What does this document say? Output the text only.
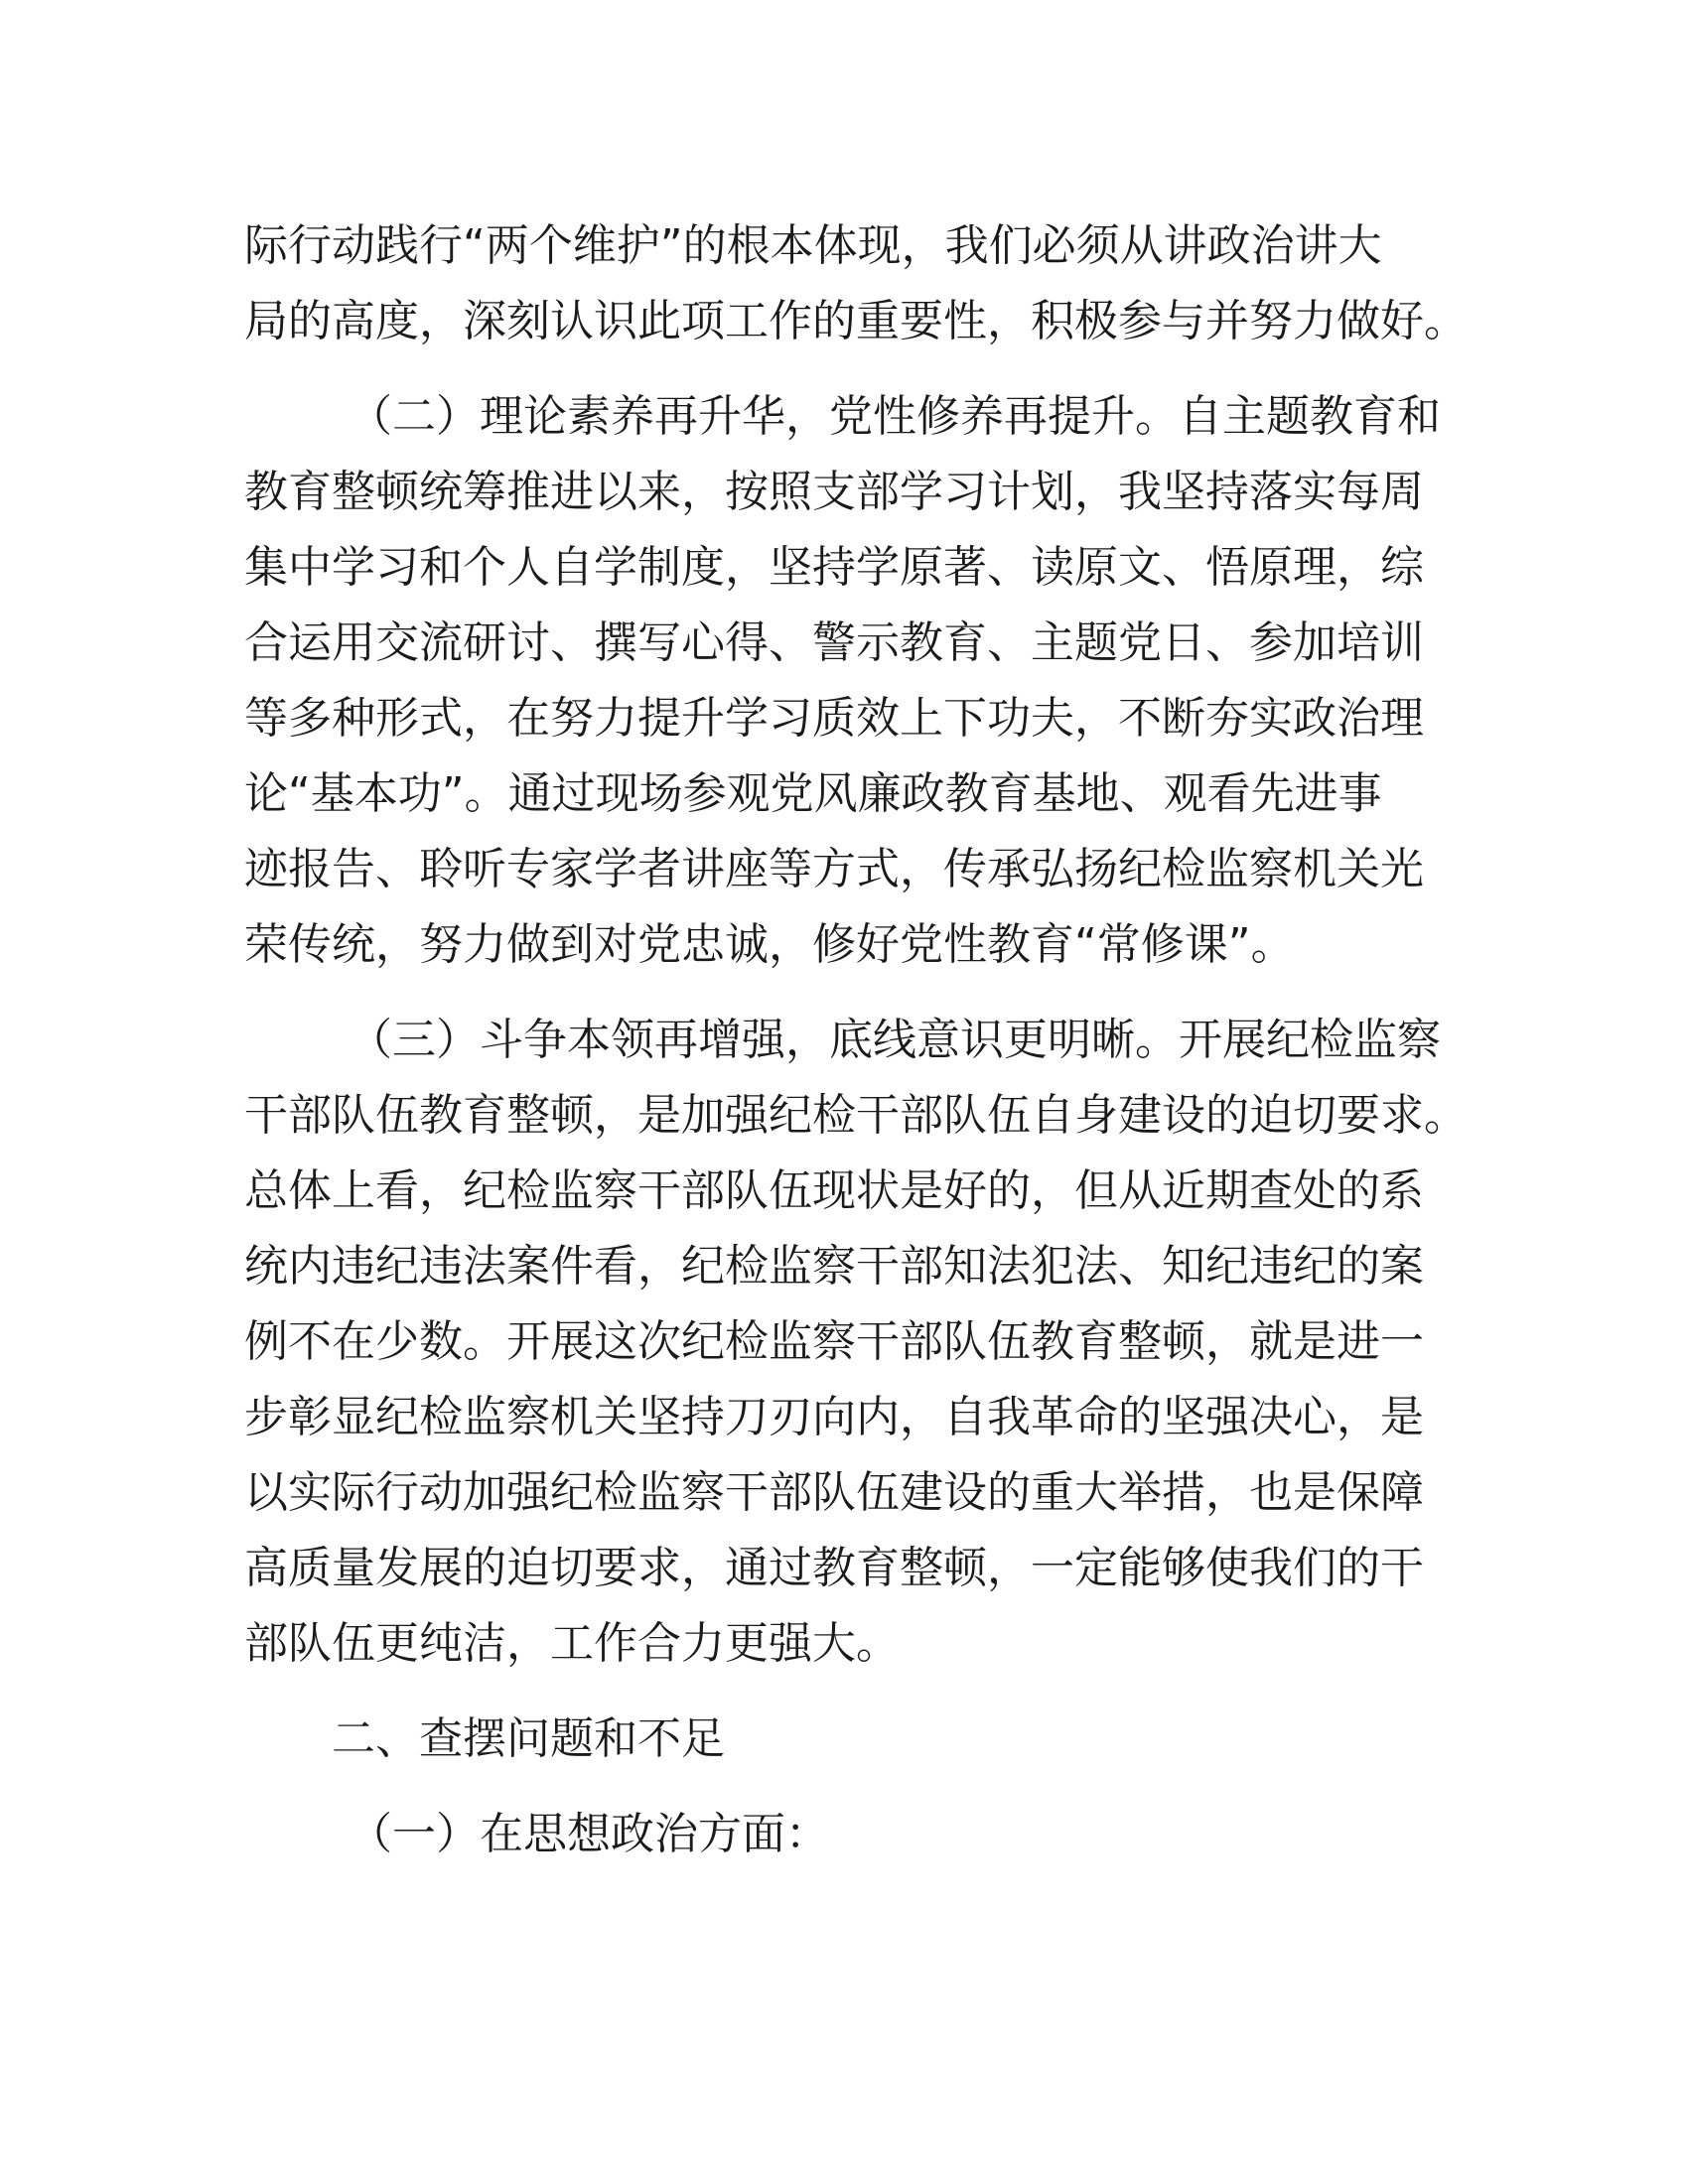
际行动践行“两个维护”的根本体现，我们必须从讲政治讲大
局的高度，深刻认识此项工作的重要性，积极参与并努力做好。
（二）理论素养再升华，党性修养再提升。自主题教育和
教育整顿统筹推进以来，按照支部学习计划，我坚持落实每周
集中学习和个人自学制度，坚持学原著、读原文、悟原理，综
合运用交流研讨、撰写心得、警示教育、主题党日、参加培训
等多种形式，在努力提升学习质效上下功夫，不断夯实政治理
论“基本功”。通过现场参观党风廉政教育基地、观看先进事
迹报告、聆听专家学者讲座等方式，传承弘扬纪检监察机关光
荣传统，努力做到对党忠诚，修好党性教育“常修课”。
（三）斗争本领再增强，底线意识更明晰。开展纪检监察
干部队伍教育整顿，是加强纪检干部队伍自身建设的迫切要求。
总体上看，纪检监察干部队伍现状是好的，但从近期查处的系
统内违纪违法案件看，纪检监察干部知法犯法、知纪违纪的案
例不在少数。开展这次纪检监察干部队伍教育整顿，就是进一
步彰显纪检监察机关坚持刀刃向内，自我革命的坚强决心，是
以实际行动加强纪检监察干部队伍建设的重大举措，也是保障
高质量发展的迫切要求，通过教育整顿，一定能够使我们的干
部队伍更纯洁，工作合力更强大。
二、查摆问题和不足
（一）在思想政治方面：
